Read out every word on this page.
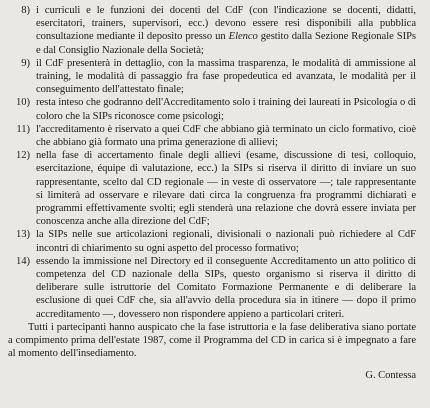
8) i curriculi e le funzioni dei docenti del CdF (con l'indicazione se docenti, didatti, esercitatori, trainers, supervisori, ecc.) devono essere resi disponibili alla pubblica consultazione mediante il deposito presso un Elenco gestito dalla Sezione Regionale SIPs e dal Consiglio Nazionale della Società;
9) il CdF presenterà in dettaglio, con la massima trasparenza, le modalità di ammissione al training, le modalità di passaggio fra fase propedeutica ed avanzata, le modalità per il conseguimento dell'attestato finale;
10) resta inteso che godranno dell'Accreditamento solo i training dei laureati in Psicologia o di coloro che la SIPs riconosce come psicologi;
11) l'accreditamento è riservato a quei CdF che abbiano già terminato un ciclo formativo, cioè che abbiano già formato una prima generazione di allievi;
12) nella fase di accertamento finale degli allievi (esame, discussione di tesi, colloquio, esercitazione, équipe di valutazione, ecc.) la SIPs si riserva il diritto di inviare un suo rappresentante, scelto dal CD regionale — in veste di osservatore —; tale rappresentante si limiterà ad osservare e rilevare dati circa la congruenza fra programmi dichiarati e programmi effettivamente svolti; egli stenderà una relazione che dovrà essere inviata per conoscenza anche alla direzione del CdF;
13) la SIPs nelle sue articolazioni regionali, divisionali o nazionali può richiedere al CdF incontri di chiarimento su ogni aspetto del processo formativo;
14) essendo la immissione nel Directory ed il conseguente Accreditamento un atto politico di competenza del CD nazionale della SIPs, questo organismo si riserva il diritto di deliberare sulle istruttorie del Comitato Formazione Permanente e di deliberare la esclusione di quei CdF che, sia all'avvio della procedura sia in itinere — dopo il primo accreditamento —, dovessero non rispondere appieno a particolari criteri.

Tutti i partecipanti hanno auspicato che la fase istruttoria e la fase deliberativa siano portate a compimento prima dell'estate 1987, come il Programma del CD in carica si è impegnato a fare al momento dell'insediamento.

G. Contessa
